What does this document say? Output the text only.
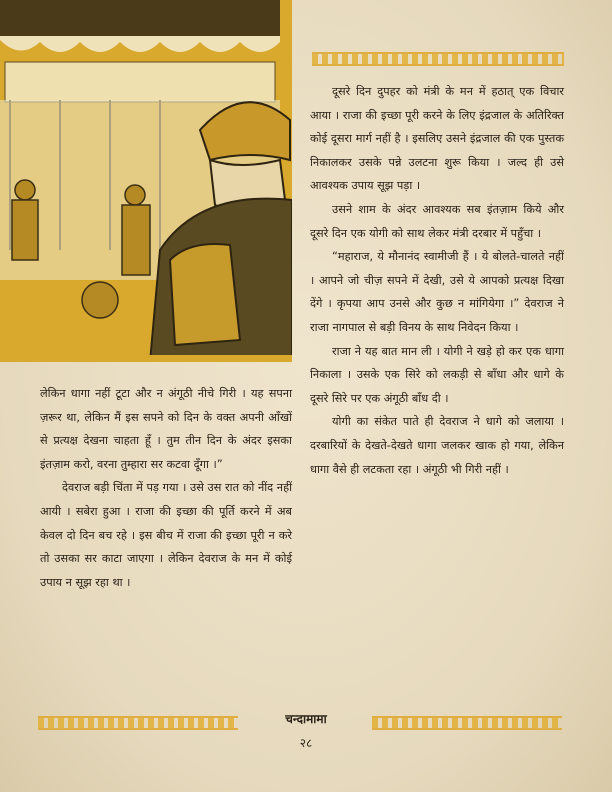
दूसरे दिन दुपहर को मंत्री के मन में हठात् एक विचार आया । राजा की इच्छा पूरी करने के लिए इंद्रजाल के अतिरिक्त कोई दूसरा मार्ग नहीं है । इसलिए उसने इंद्रजाल की एक पुस्तक निकालकर उसके पन्ने उलटना शुरू किया । जल्द ही उसे आवश्यक उपाय सूझ पड़ा ।

उसने शाम के अंदर आवश्यक सब इंतज़ाम किये और दूसरे दिन एक योगी को साथ लेकर मंत्री दरबार में पहुँचा ।

“महाराज, ये मौनानंद स्वामीजी हैं । ये बोलते-चालते नहीं । आपने जो चीज़ सपने में देखी, उसे ये आपको प्रत्यक्ष दिखा देंगे । कृपया आप उनसे और कुछ न मांगियेगा ।” देवराज ने राजा नागपाल से बड़ी विनय के साथ निवेदन किया ।

राजा ने यह बात मान ली । योगी ने खड़े हो कर एक धागा निकाला । उसके एक सिरे को लकड़ी से बाँधा और धागे के दूसरे सिरे पर एक अंगूठी बाँध दी ।

योगी का संकेत पाते ही देवराज ने धागे को जलाया । दरबारियों के देखते-देखते धागा जलकर खाक हो गया, लेकिन धागा वैसे ही लटकता रहा । अंगूठी भी गिरी नहीं ।

लेकिन धागा नहीं टूटा और न अंगूठी नीचे गिरी । यह सपना ज़रूर था, लेकिन मैं इस सपने को दिन के वक्त अपनी आँखों से प्रत्यक्ष देखना चाहता हूँ । तुम तीन दिन के अंदर इसका इंतज़ाम करो, वरना तुम्हारा सर कटवा दूँगा ।”

देवराज बड़ी चिंता में पड़ गया । उसे उस रात को नींद नहीं आयी । सबेरा हुआ । राजा की इच्छा की पूर्ति करने में अब केवल दो दिन बच रहे । इस बीच में राजा की इच्छा पूरी न करे तो उसका सर काटा जाएगा । लेकिन देवराज के मन में कोई उपाय न सूझ रहा था ।

चन्दामामा
२८
